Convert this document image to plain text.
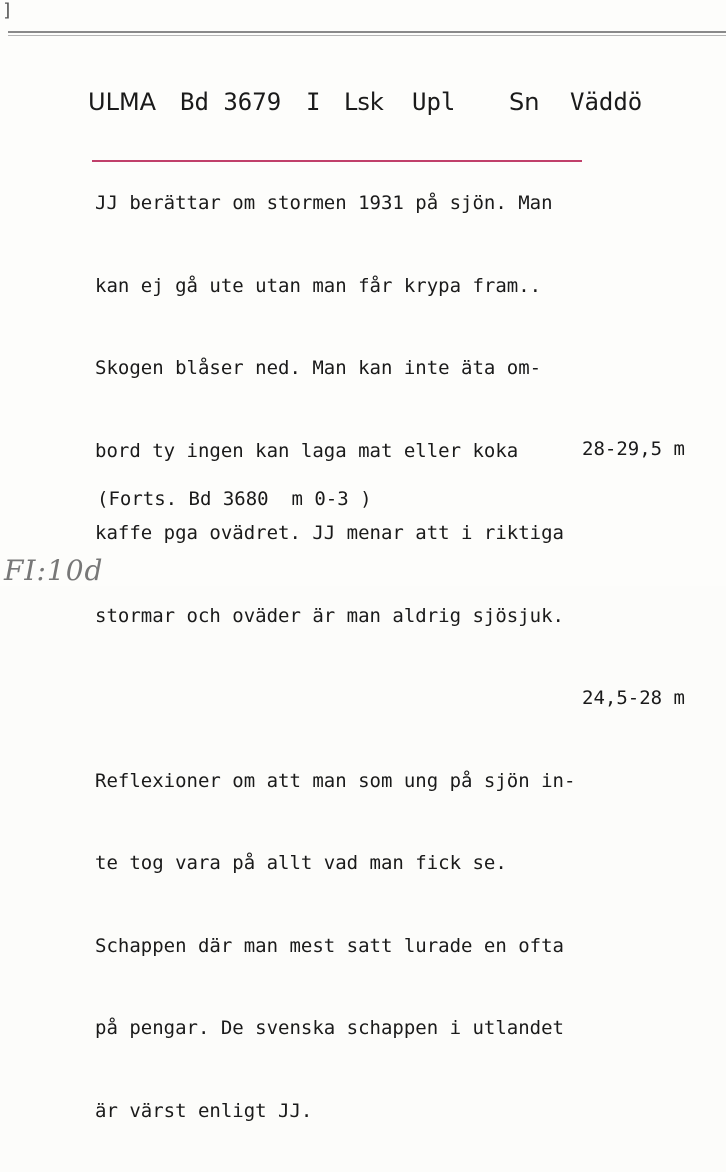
]
ULMA Bd 3679 I Lsk Upl Sn Väddö

JJ berättar om stormen 1931 på sjön. Man

kan ej gå ute utan man får krypa fram..

Skogen blåser ned. Man kan inte äta om-

bord ty ingen kan laga mat eller koka

kaffe pga ovädret. JJ menar att i riktiga

stormar och oväder är man aldrig sjösjuk.

24,5-28 m

Reflexioner om att man som ung på sjön in-

te tog vara på allt vad man fick se.

Schappen där man mest satt lurade en ofta

på pengar. De svenska schappen i utlandet

är värst enligt JJ.

28-29,5 m
(Forts. Bd 3680  m 0-3 )
FI:10d
